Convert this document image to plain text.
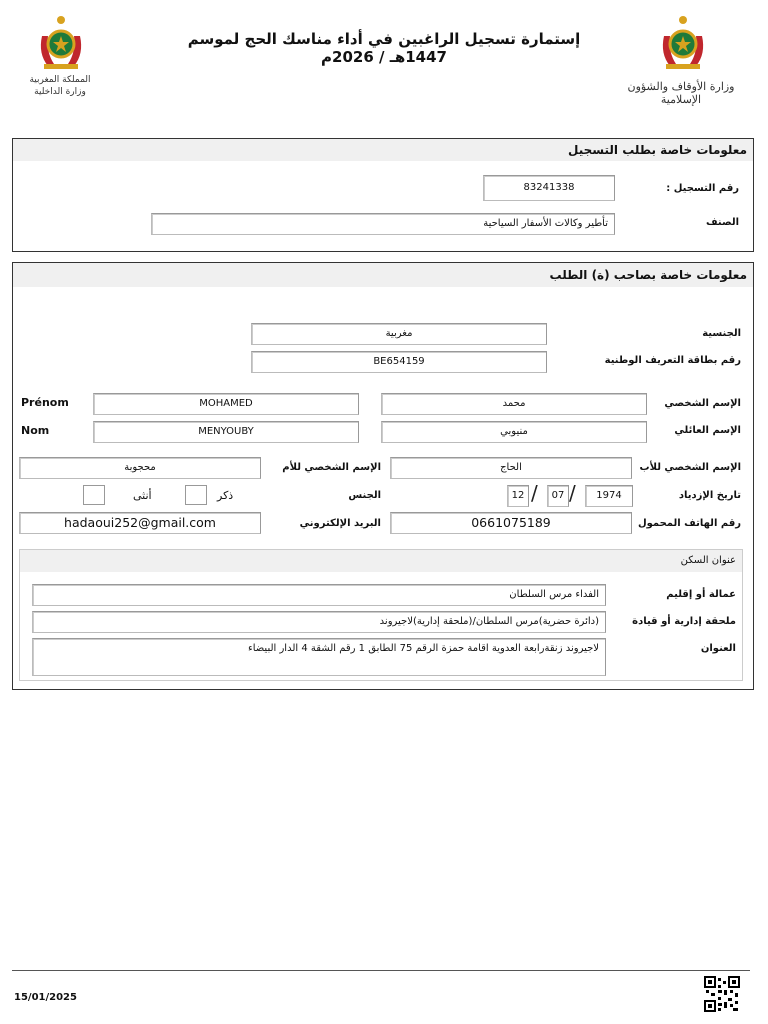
المملكة المغربية
وزارة الداخلية	وزارة الأوقاف والشؤون الإسلامية
إستمارة تسجيل الراغبين في أداء مناسك الحج لموسم
1447هـ / 2026م
معلومات خاصة بطلب التسجيل
رقم التسجيل :
83241338
الصنف
تأطير وكالات الأسفار السياحية
معلومات خاصة بصاحب (ة) الطلب
الجنسية
مغربية
رقم بطاقة التعريف الوطنية
BE654159
الإسم الشخصي
محمد
MOHAMED
Prénom
الإسم العائلي
منيوبي
MENYOUBY
Nom
الإسم الشخصي للأب
الحاج
الإسم الشخصي للأم
محجوبة
تاريخ الإزدياد
1974
/
07
/
12
الجنس
ذكر
أنثى
رقم الهاتف المحمول
0661075189
البريد الإلكتروني
hadaoui252@gmail.com
عنوان السكن
عمالة أو إقليم
الفداء مرس السلطان
ملحقة إدارية أو قيادة
(دائرة حضرية)مرس السلطان/(ملحقة إدارية)لاجيروند
العنوان
لاجيروند زنقةرابعة العدوية اقامة حمزة الرقم 75 الطابق 1 رقم الشقة 4 الدار البيضاء
15/01/2025
